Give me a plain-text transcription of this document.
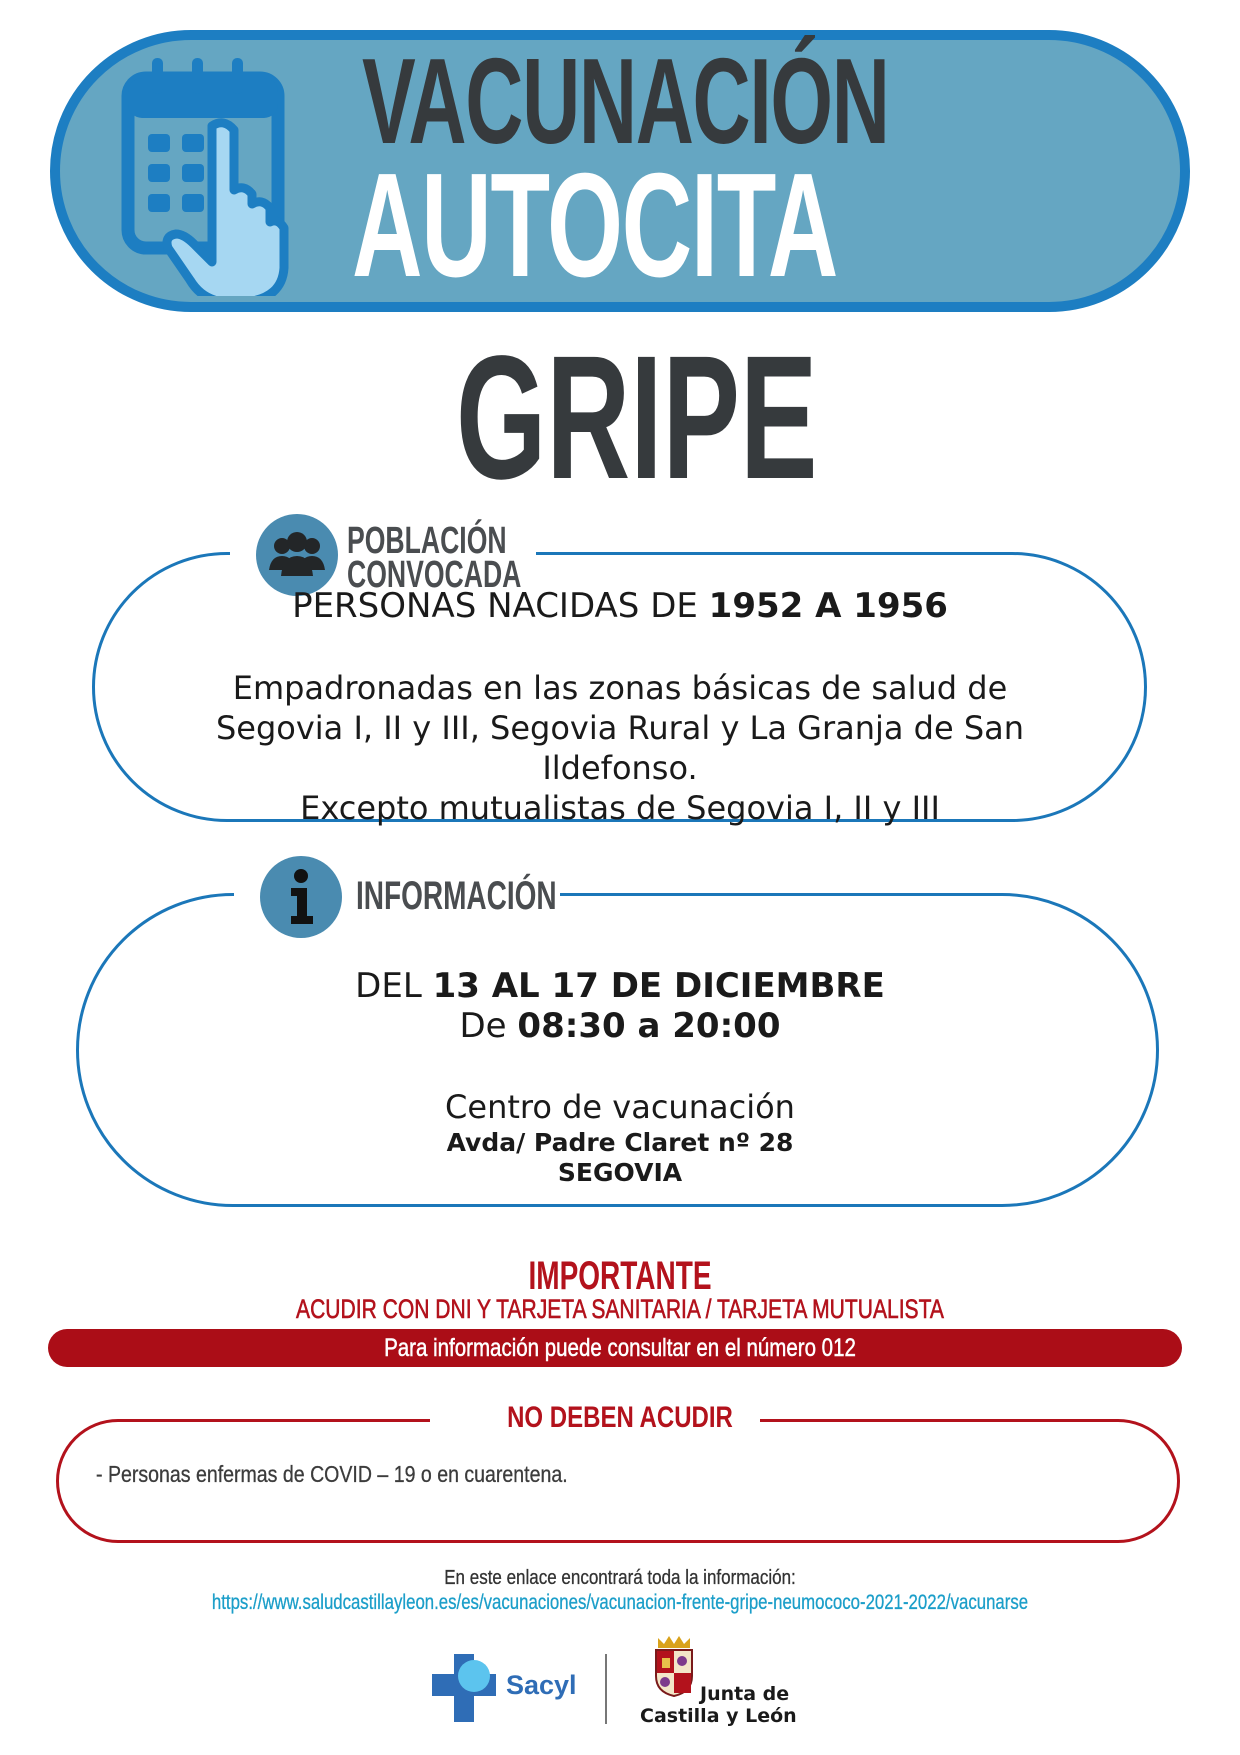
VACUNACIÓN
AUTOCITA
GRIPE
POBLACIÓN
CONVOCADA
PERSONAS NACIDAS DE 1952 A 1956
Empadronadas en las zonas básicas de salud de
Segovia I, II y III, Segovia Rural y La Granja de San
Ildefonso.
Excepto mutualistas de Segovia I, II y III
INFORMACIÓN
DEL 13 AL 17 DE DICIEMBRE
De 08:30 a 20:00
Centro de vacunación
Avda/ Padre Claret nº 28
SEGOVIA
IMPORTANTE
ACUDIR CON DNI Y TARJETA SANITARIA / TARJETA MUTUALISTA
Para información puede consultar en el número 012
NO DEBEN ACUDIR
- Personas enfermas de COVID – 19 o en cuarentena.
En este enlace encontrará toda la información:
https://www.saludcastillayleon.es/es/vacunaciones/vacunacion-frente-gripe-neumococo-2021-2022/vacunarse
Sacyl	Junta de
Castilla y León
